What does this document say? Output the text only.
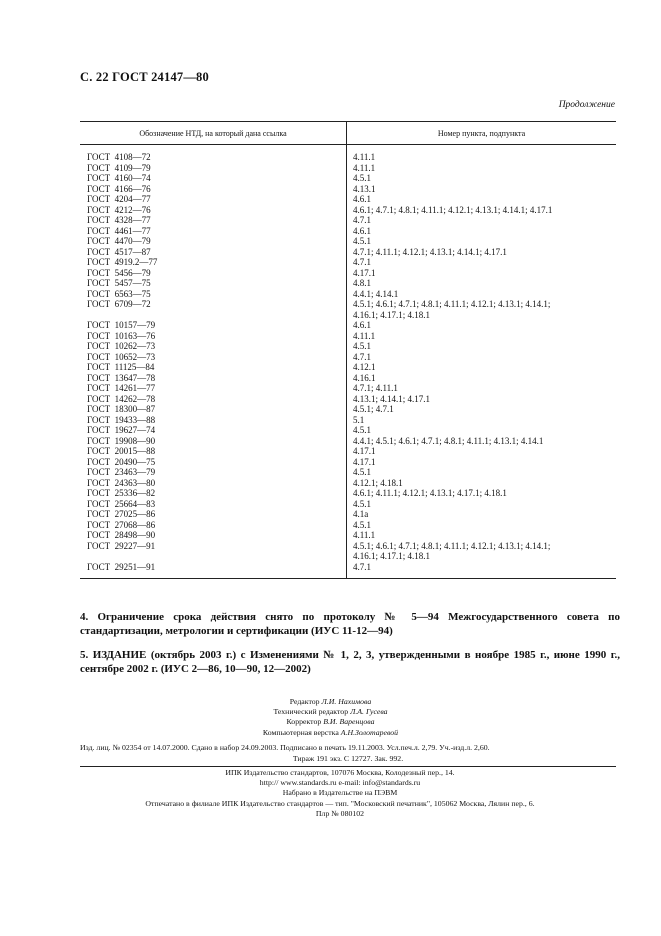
С. 22 ГОСТ 24147—80
Продолжение
Обозначение НТД, на который дана ссылка	Номер пункта, подпункта
ГОСТ  4108—72	4.11.1
ГОСТ  4109—79	4.11.1
ГОСТ  4160—74	4.5.1
ГОСТ  4166—76	4.13.1
ГОСТ  4204—77	4.6.1
ГОСТ  4212—76	4.6.1; 4.7.1; 4.8.1; 4.11.1; 4.12.1; 4.13.1; 4.14.1; 4.17.1
ГОСТ  4328—77	4.7.1
ГОСТ  4461—77	4.6.1
ГОСТ  4470—79	4.5.1
ГОСТ  4517—87	4.7.1; 4.11.1; 4.12.1; 4.13.1; 4.14.1; 4.17.1
ГОСТ  4919.2—77	4.7.1
ГОСТ  5456—79	4.17.1
ГОСТ  5457—75	4.8.1
ГОСТ  6563—75	4.4.1; 4.14.1
ГОСТ  6709—72	4.5.1; 4.6.1; 4.7.1; 4.8.1; 4.11.1; 4.12.1; 4.13.1; 4.14.1;
4.16.1; 4.17.1; 4.18.1
ГОСТ  10157—79	4.6.1
ГОСТ  10163—76	4.11.1
ГОСТ  10262—73	4.5.1
ГОСТ  10652—73	4.7.1
ГОСТ  11125—84	4.12.1
ГОСТ  13647—78	4.16.1
ГОСТ  14261—77	4.7.1; 4.11.1
ГОСТ  14262—78	4.13.1; 4.14.1; 4.17.1
ГОСТ  18300—87	4.5.1; 4.7.1
ГОСТ  19433—88	5.1
ГОСТ  19627—74	4.5.1
ГОСТ  19908—90	4.4.1; 4.5.1; 4.6.1; 4.7.1; 4.8.1; 4.11.1; 4.13.1; 4.14.1
ГОСТ  20015—88	4.17.1
ГОСТ  20490—75	4.17.1
ГОСТ  23463—79	4.5.1
ГОСТ  24363—80	4.12.1; 4.18.1
ГОСТ  25336—82	4.6.1; 4.11.1; 4.12.1; 4.13.1; 4.17.1; 4.18.1
ГОСТ  25664—83	4.5.1
ГОСТ  27025—86	4.1а
ГОСТ  27068—86	4.5.1
ГОСТ  28498—90	4.11.1
ГОСТ  29227—91	4.5.1; 4.6.1; 4.7.1; 4.8.1; 4.11.1; 4.12.1; 4.13.1; 4.14.1;
4.16.1; 4.17.1; 4.18.1
ГОСТ  29251—91	4.7.1
4. Ограничение срока действия снято по протоколу № 5—94 Межгосударственного совета по стандартизации, метрологии и сертификации (ИУС 11-12—94)
5. ИЗДАНИЕ (октябрь 2003 г.) с Изменениями № 1, 2, 3, утвержденными в ноябре 1985 г., июне 1990 г., сентябре 2002 г. (ИУС 2—86, 10—90, 12—2002)
Редактор Л.И. Нахимова
Технический редактор Л.А. Гусева
Корректор В.И. Варенцова
Компьютерная верстка А.Н.Золотаревой
Изд. лиц. № 02354 от 14.07.2000. Сдано в набор 24.09.2003. Подписано в печать 19.11.2003. Усл.печ.л. 2,79. Уч.-изд.л. 2,60.
Тираж 191 экз. С 12727. Зак. 992.
ИПК Издательство стандартов, 107076 Москва, Колодезный пер., 14.
http:// www.standards.ru e-mail: info@standards.ru
Набрано в Издательстве на ПЭВМ
Отпечатано в филиале ИПК Издательство стандартов — тип. "Московский печатник", 105062 Москва, Лялин пер., 6.
Плр № 080102
